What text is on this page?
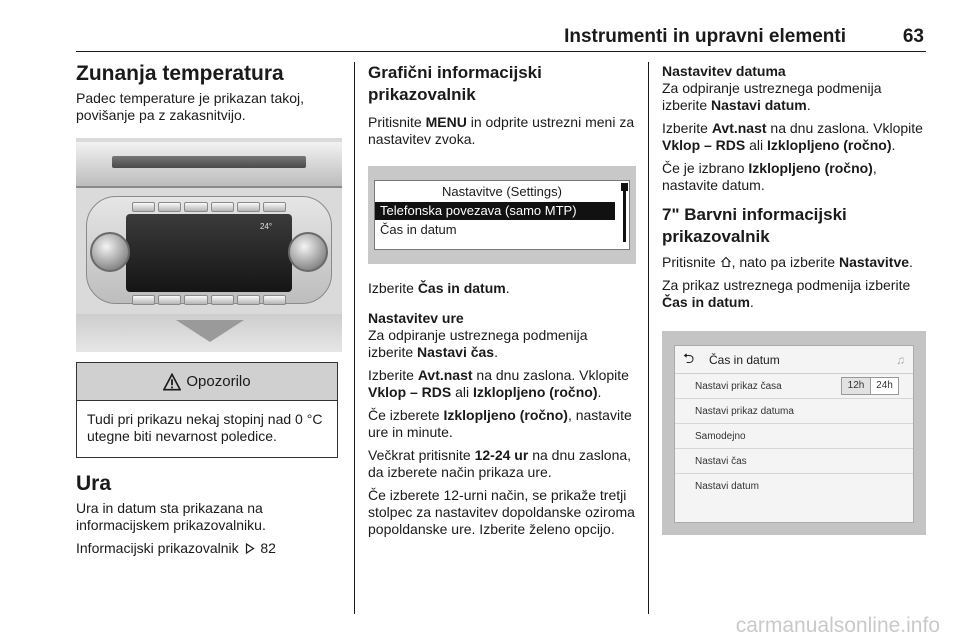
Instrumenti in upravni elementi	63
Zunanja temperatura

Padec temperature je prikazan takoj, povišanje pa z zakasnitvijo.

24°
Opozorilo

Tudi pri prikazu nekaj stopinj nad 0 °C utegne biti nevarnost poledice.

Ura

Ura in datum sta prikazana na informacijskem prikazovalniku.

Informacijski prikazovalnik 82

Grafični informacijski prikazovalnik

Pritisnite MENU in odprite ustrezni meni za nastavitev zvoka.

Nastavitve (Settings)
Telefonska povezava (samo MTP)
Čas in datum

Izberite Čas in datum.

Nastavitev ure

Za odpiranje ustreznega podmenija izberite Nastavi čas.

Izberite Avt.nast na dnu zaslona. Vklopite Vklop – RDS ali Izklopljeno (ročno).

Če izberete Izklopljeno (ročno), nastavite ure in minute.

Večkrat pritisnite 12-24 ur na dnu zaslona, da izberete način prikaza ure.

Če izberete 12-urni način, se prikaže tretji stolpec za nastavitev dopoldanske oziroma popoldanske ure. Izberite želeno opcijo.

Nastavitev datuma

Za odpiranje ustreznega podmenija izberite Nastavi datum.

Izberite Avt.nast na dnu zaslona. Vklopite Vklop – RDS ali Izklopljeno (ročno).

Če je izbrano Izklopljeno (ročno), nastavite datum.

7" Barvni informacijski prikazovalnik

Pritisnite , nato pa izberite Nastavitve.

Za prikaz ustreznega podmenija izberite Čas in datum.

⮌	Čas in datum	♫
Nastavi prikaz časa	12h	24h
Nastavi prikaz datuma
Samodejno
Nastavi čas
Nastavi datum
carmanualsonline.info
